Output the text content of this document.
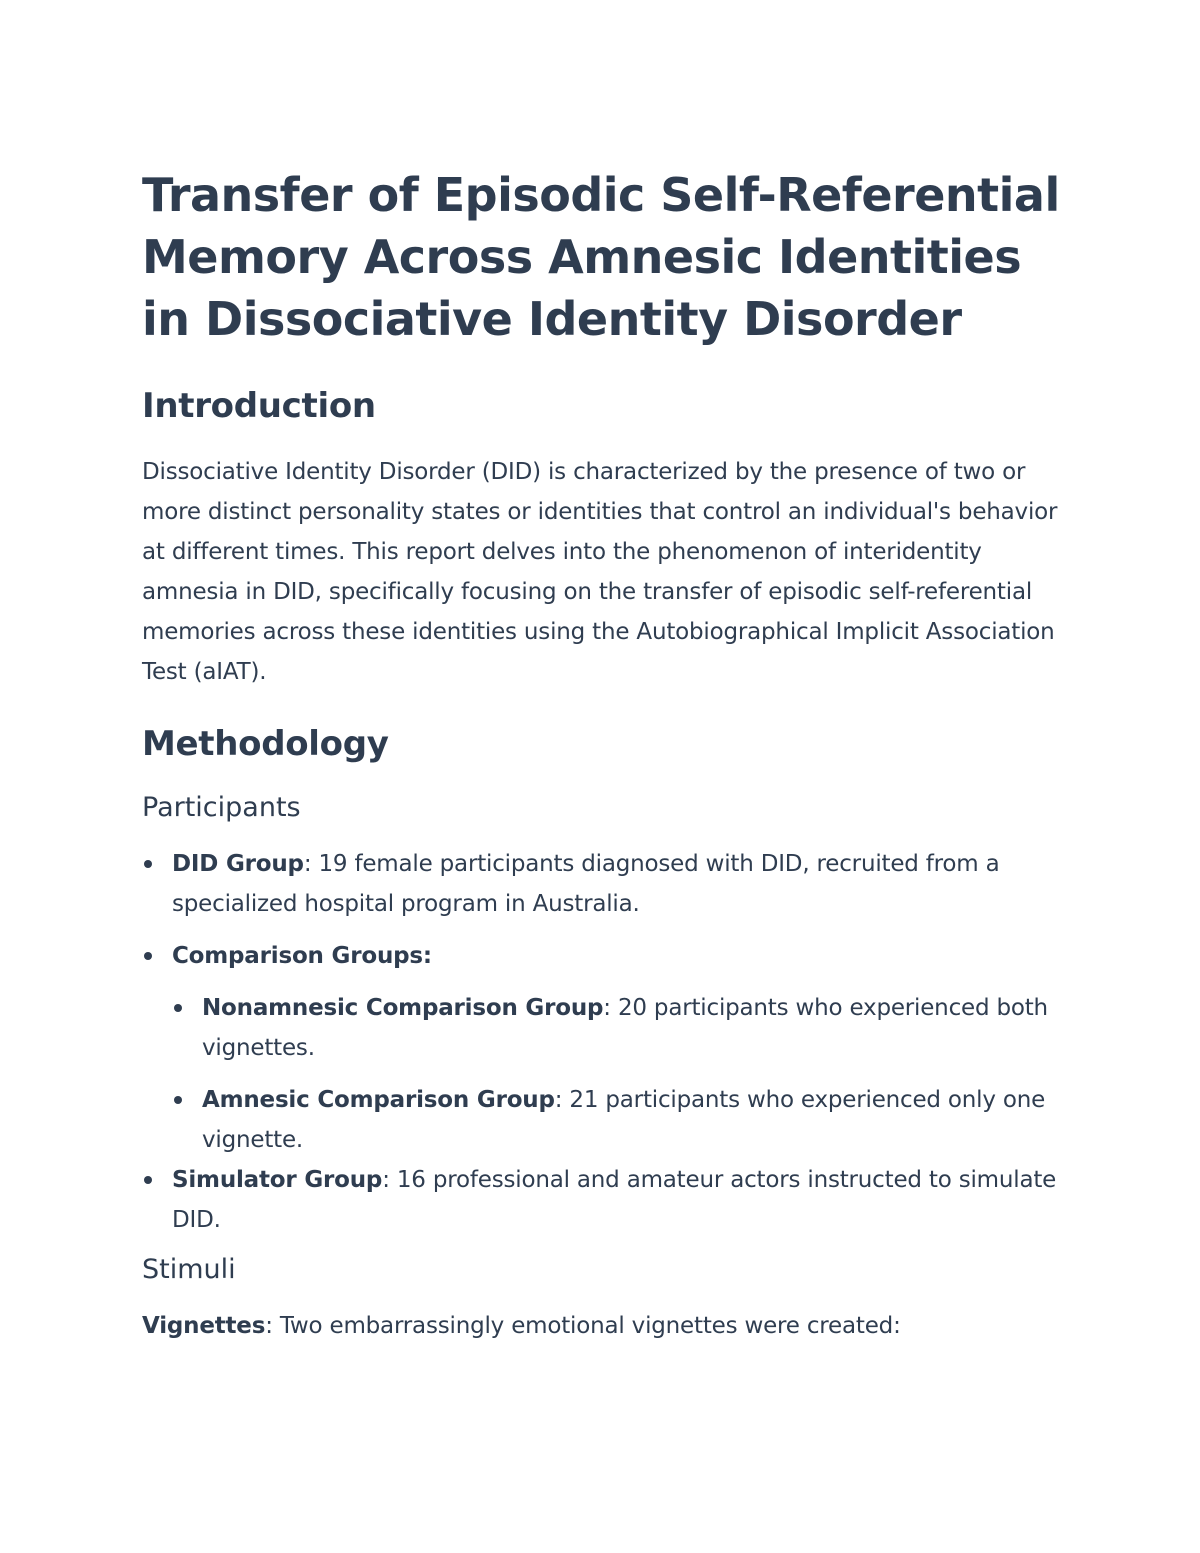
Transfer of Episodic Self-Referential Memory Across Amnesic Identities in Dissociative Identity Disorder
Introduction

Dissociative Identity Disorder (DID) is characterized by the presence of two or more distinct personality states or identities that control an individual's behavior at different times. This report delves into the phenomenon of interidentity amnesia in DID, specifically focusing on the transfer of episodic self-referential memories across these identities using the Autobiographical Implicit Association Test (aIAT).

Methodology
Participants
DID Group: 19 female participants diagnosed with DID, recruited from a specialized hospital program in Australia.
Comparison Groups:
Nonamnesic Comparison Group: 20 participants who experienced both vignettes.
Amnesic Comparison Group: 21 participants who experienced only one vignette.
Simulator Group: 16 professional and amateur actors instructed to simulate DID.
Stimuli

Vignettes: Two embarrassingly emotional vignettes were created:
